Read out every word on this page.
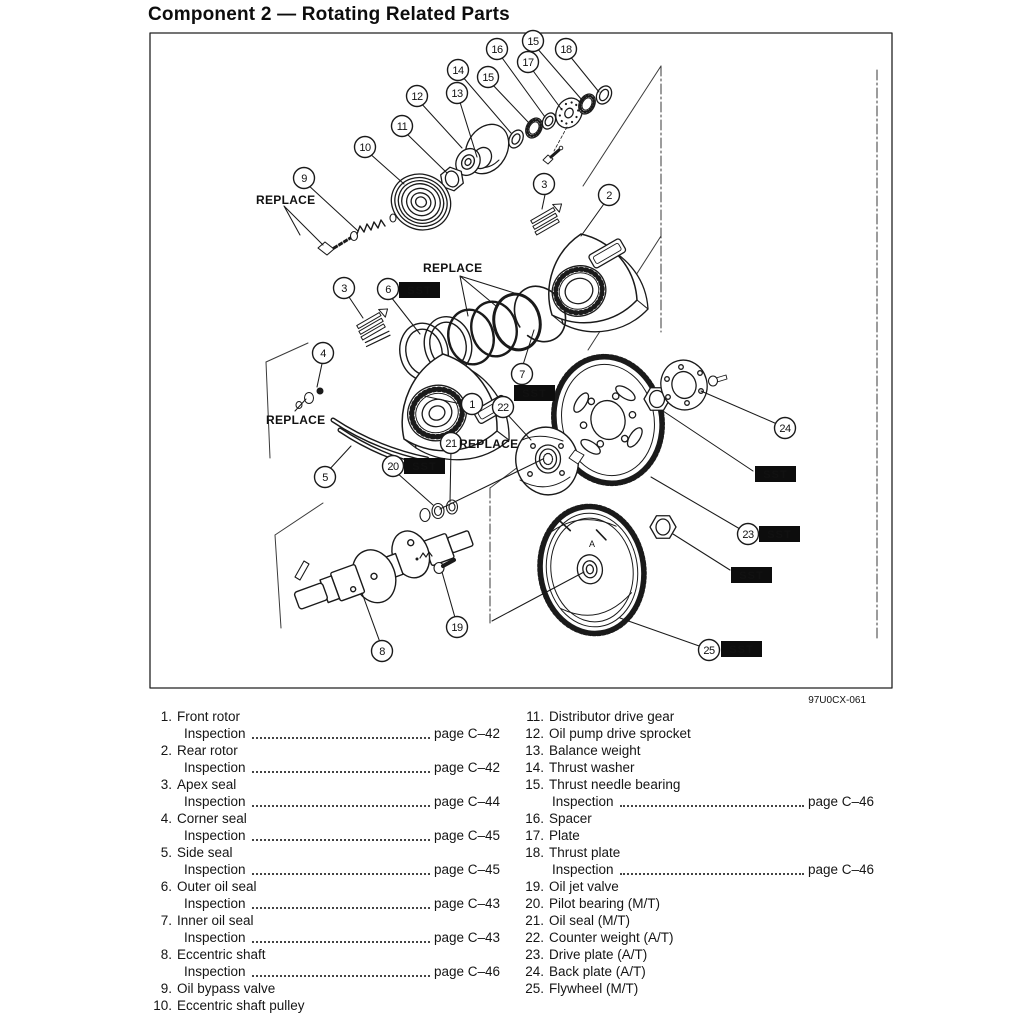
Component 2 — Rotating Related Parts
1
2
3
3
4
5
6
7
8
9
10
11
12	13
14
15
15
16
17
18
19
20
21
22
23
24
25
SST
SST
SST
SST
SST
SST
SST
REPLACE
REPLACE
REPLACE
REPLACE
A
97U0CX-061
1. Front rotor
Inspection	page C–42
2. Rear rotor
Inspection	page C–42
3. Apex seal
Inspection	page C–44
4. Corner seal
Inspection	page C–45
5. Side seal
Inspection	page C–45
6. Outer oil seal
Inspection	page C–43
7. Inner oil seal
Inspection	page C–43
8. Eccentric shaft
Inspection	page C–46
9. Oil bypass valve
10. Eccentric shaft pulley
11. Distributor drive gear
12. Oil pump drive sprocket
13. Balance weight
14. Thrust washer
15. Thrust needle bearing
Inspection	page C–46
16. Spacer
17. Plate
18. Thrust plate
Inspection	page C–46
19. Oil jet valve
20. Pilot bearing (M/T)
21. Oil seal (M/T)
22. Counter weight (A/T)
23. Drive plate (A/T)
24. Back plate (A/T)
25. Flywheel (M/T)
